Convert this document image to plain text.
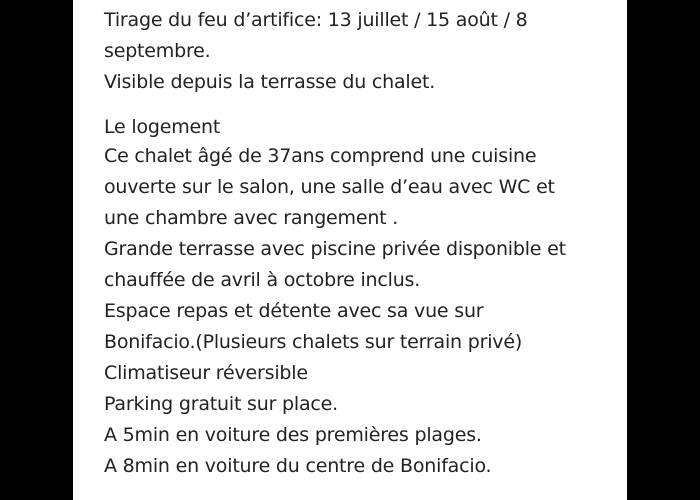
Tirage du feu d’artifice: 13 juillet / 15 août / 8
septembre.
Visible depuis la terrasse du chalet.
Le logement
Ce chalet âgé de 37ans comprend une cuisine
ouverte sur le salon, une salle d’eau avec WC et
une chambre avec rangement .
Grande terrasse avec piscine privée disponible et
chauffée de avril à octobre inclus.
Espace repas et détente avec sa vue sur
Bonifacio.(Plusieurs chalets sur terrain privé)
Climatiseur réversible
Parking gratuit sur place.
A 5min en voiture des premières plages.
A 8min en voiture du centre de Bonifacio.
